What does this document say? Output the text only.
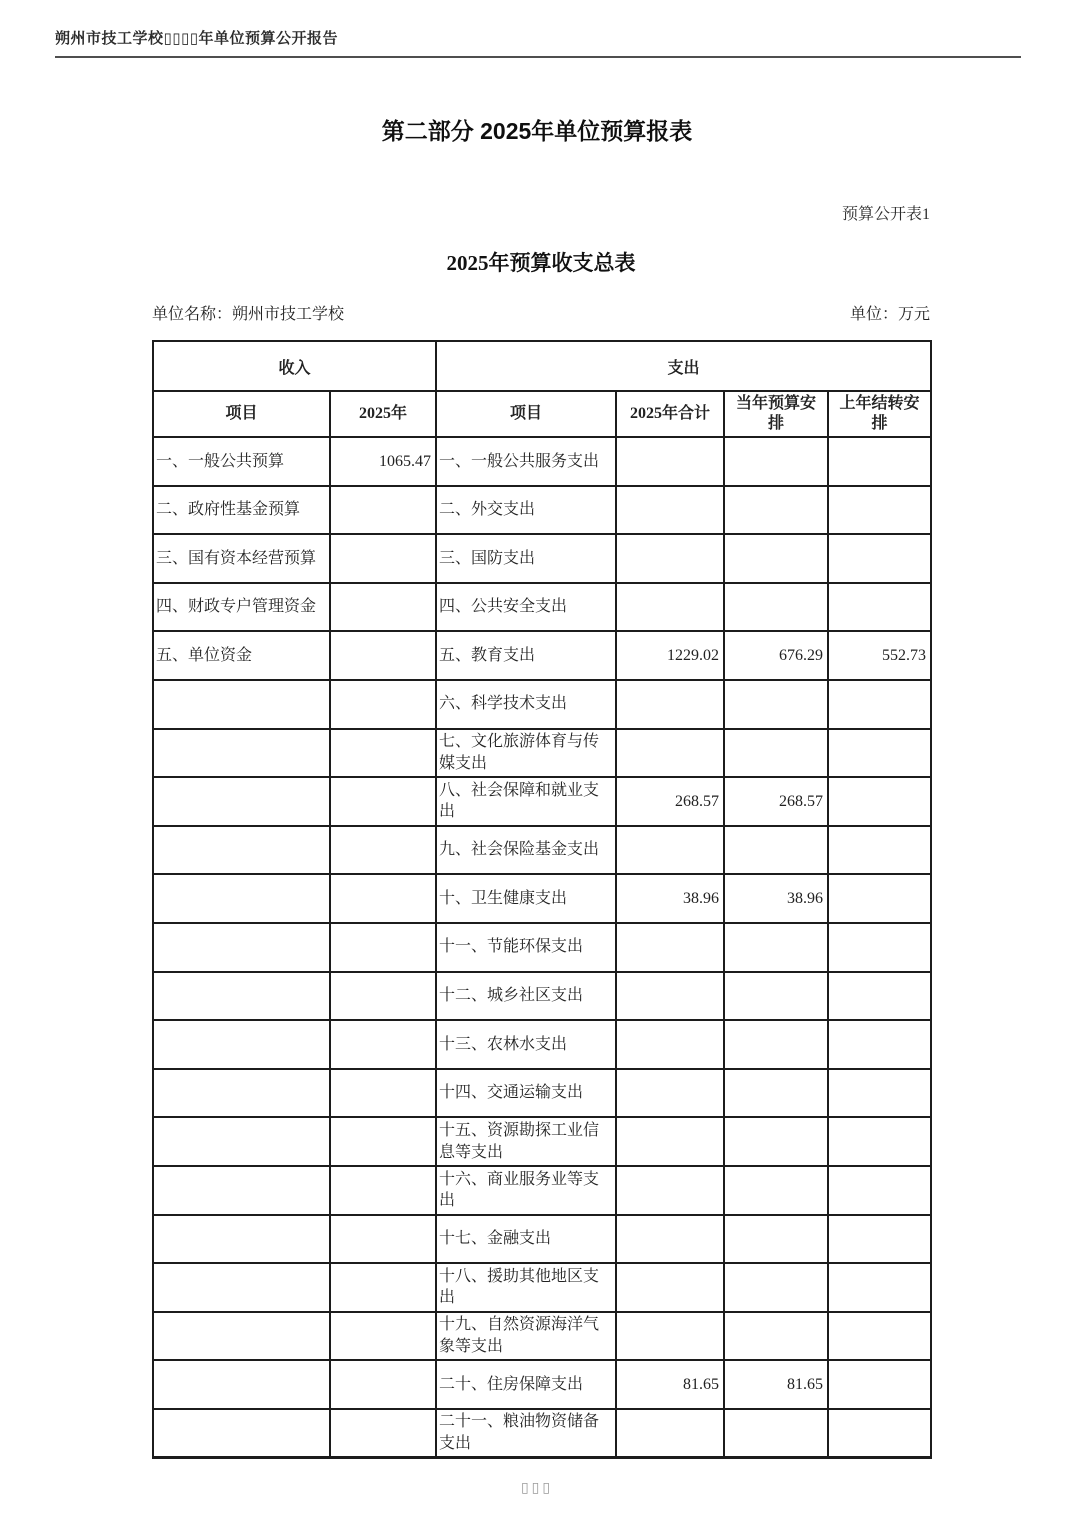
朔州市技工学校▯▯▯▯年单位预算公开报告
第二部分 2025年单位预算报表
预算公开表1
2025年预算收支总表
单位名称：朔州市技工学校	单位：万元
收入		支出			
项目	2025年	项目	2025年合计	当年预算安排	上年结转安排
一、一般公共预算	1065.47	一、一般公共服务支出			
二、政府性基金预算		二、外交支出			
三、国有资本经营预算		三、国防支出			
四、财政专户管理资金		四、公共安全支出			
五、单位资金		五、教育支出	1229.02	676.29	552.73
		六、科学技术支出			
		七、文化旅游体育与传媒支出			
		八、社会保障和就业支出	268.57	268.57	
		九、社会保险基金支出			
		十、卫生健康支出	38.96	38.96	
		十一、节能环保支出			
		十二、城乡社区支出			
		十三、农林水支出			
		十四、交通运输支出			
		十五、资源勘探工业信息等支出			
		十六、商业服务业等支出			
		十七、金融支出			
		十八、援助其他地区支出			
		十九、自然资源海洋气象等支出			
		二十、住房保障支出	81.65	81.65	
		二十一、粮油物资储备支出			
▯▯▯
